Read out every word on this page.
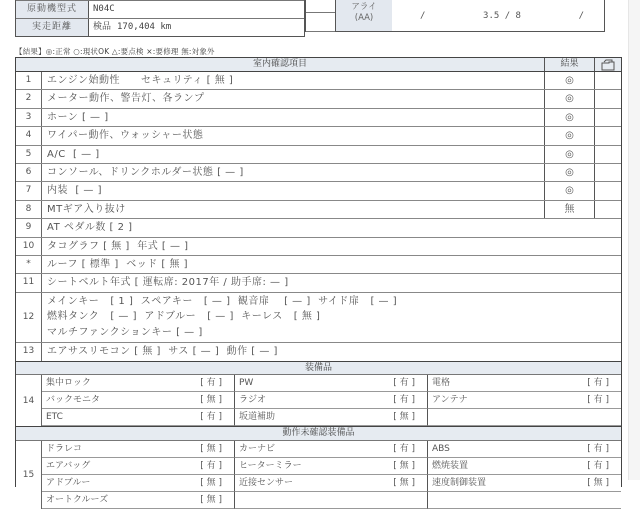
原動機型式	N04C
実走距離	検品 170,404 km
アライ
(AA)	/	3.5 / 8	/
【結果】◎:正常 ○:現状OK △:要点検 ×:要修理 無:対象外
室内確認項目	結果
1	エンジン始動性　　セキュリティ [ 無 ]	◎
2	メーター動作、警告灯、各ランプ	◎
3	ホーン [ — ]	◎
4	ワイパー動作、ウォッシャー状態	◎
5	A/C  [ — ]	◎
6	コンソール、ドリンクホルダー状態 [ — ]	◎
7	内装  [ — ]	◎
8	MTギア入り抜け	無
9	AT ペダル数 [ 2 ]
10	タコグラフ [ 無 ]  年式 [ — ]
*	ルーフ [ 標準 ]  ベッド [ 無 ]
11	シートベルト年式 [ 運転席: 2017年 / 助手席: — ]
12
メインキー   [ 1 ]  スペアキー   [ — ]  観音扉    [ — ]  サイド扉   [ — ]
燃料タンク   [ — ]  アドブルー   [ — ]  キーレス   [ 無 ]
マルチファンクションキー [ — ]
13	エアサスリモコン [ 無 ]  サス [ — ]  動作 [ — ]
装備品
14
集中ロック	[ 有 ] PW	[ 有 ] 電格	[ 有 ]
バックモニタ	[ 無 ] ラジオ	[ 有 ] アンテナ	[ 有 ]
ETC	[ 有 ] 坂道補助	[ 無 ]
動作未確認装備品
15
ドラレコ	[ 無 ] カーナビ	[ 有 ] ABS	[ 有 ]
エアバッグ	[ 有 ] ヒーターミラー	[ 無 ] 燃焼装置	[ 有 ]
アドブルー	[ 無 ] 近接センサー	[ 無 ] 速度制御装置	[ 無 ]
オートクルーズ	[ 無 ]
